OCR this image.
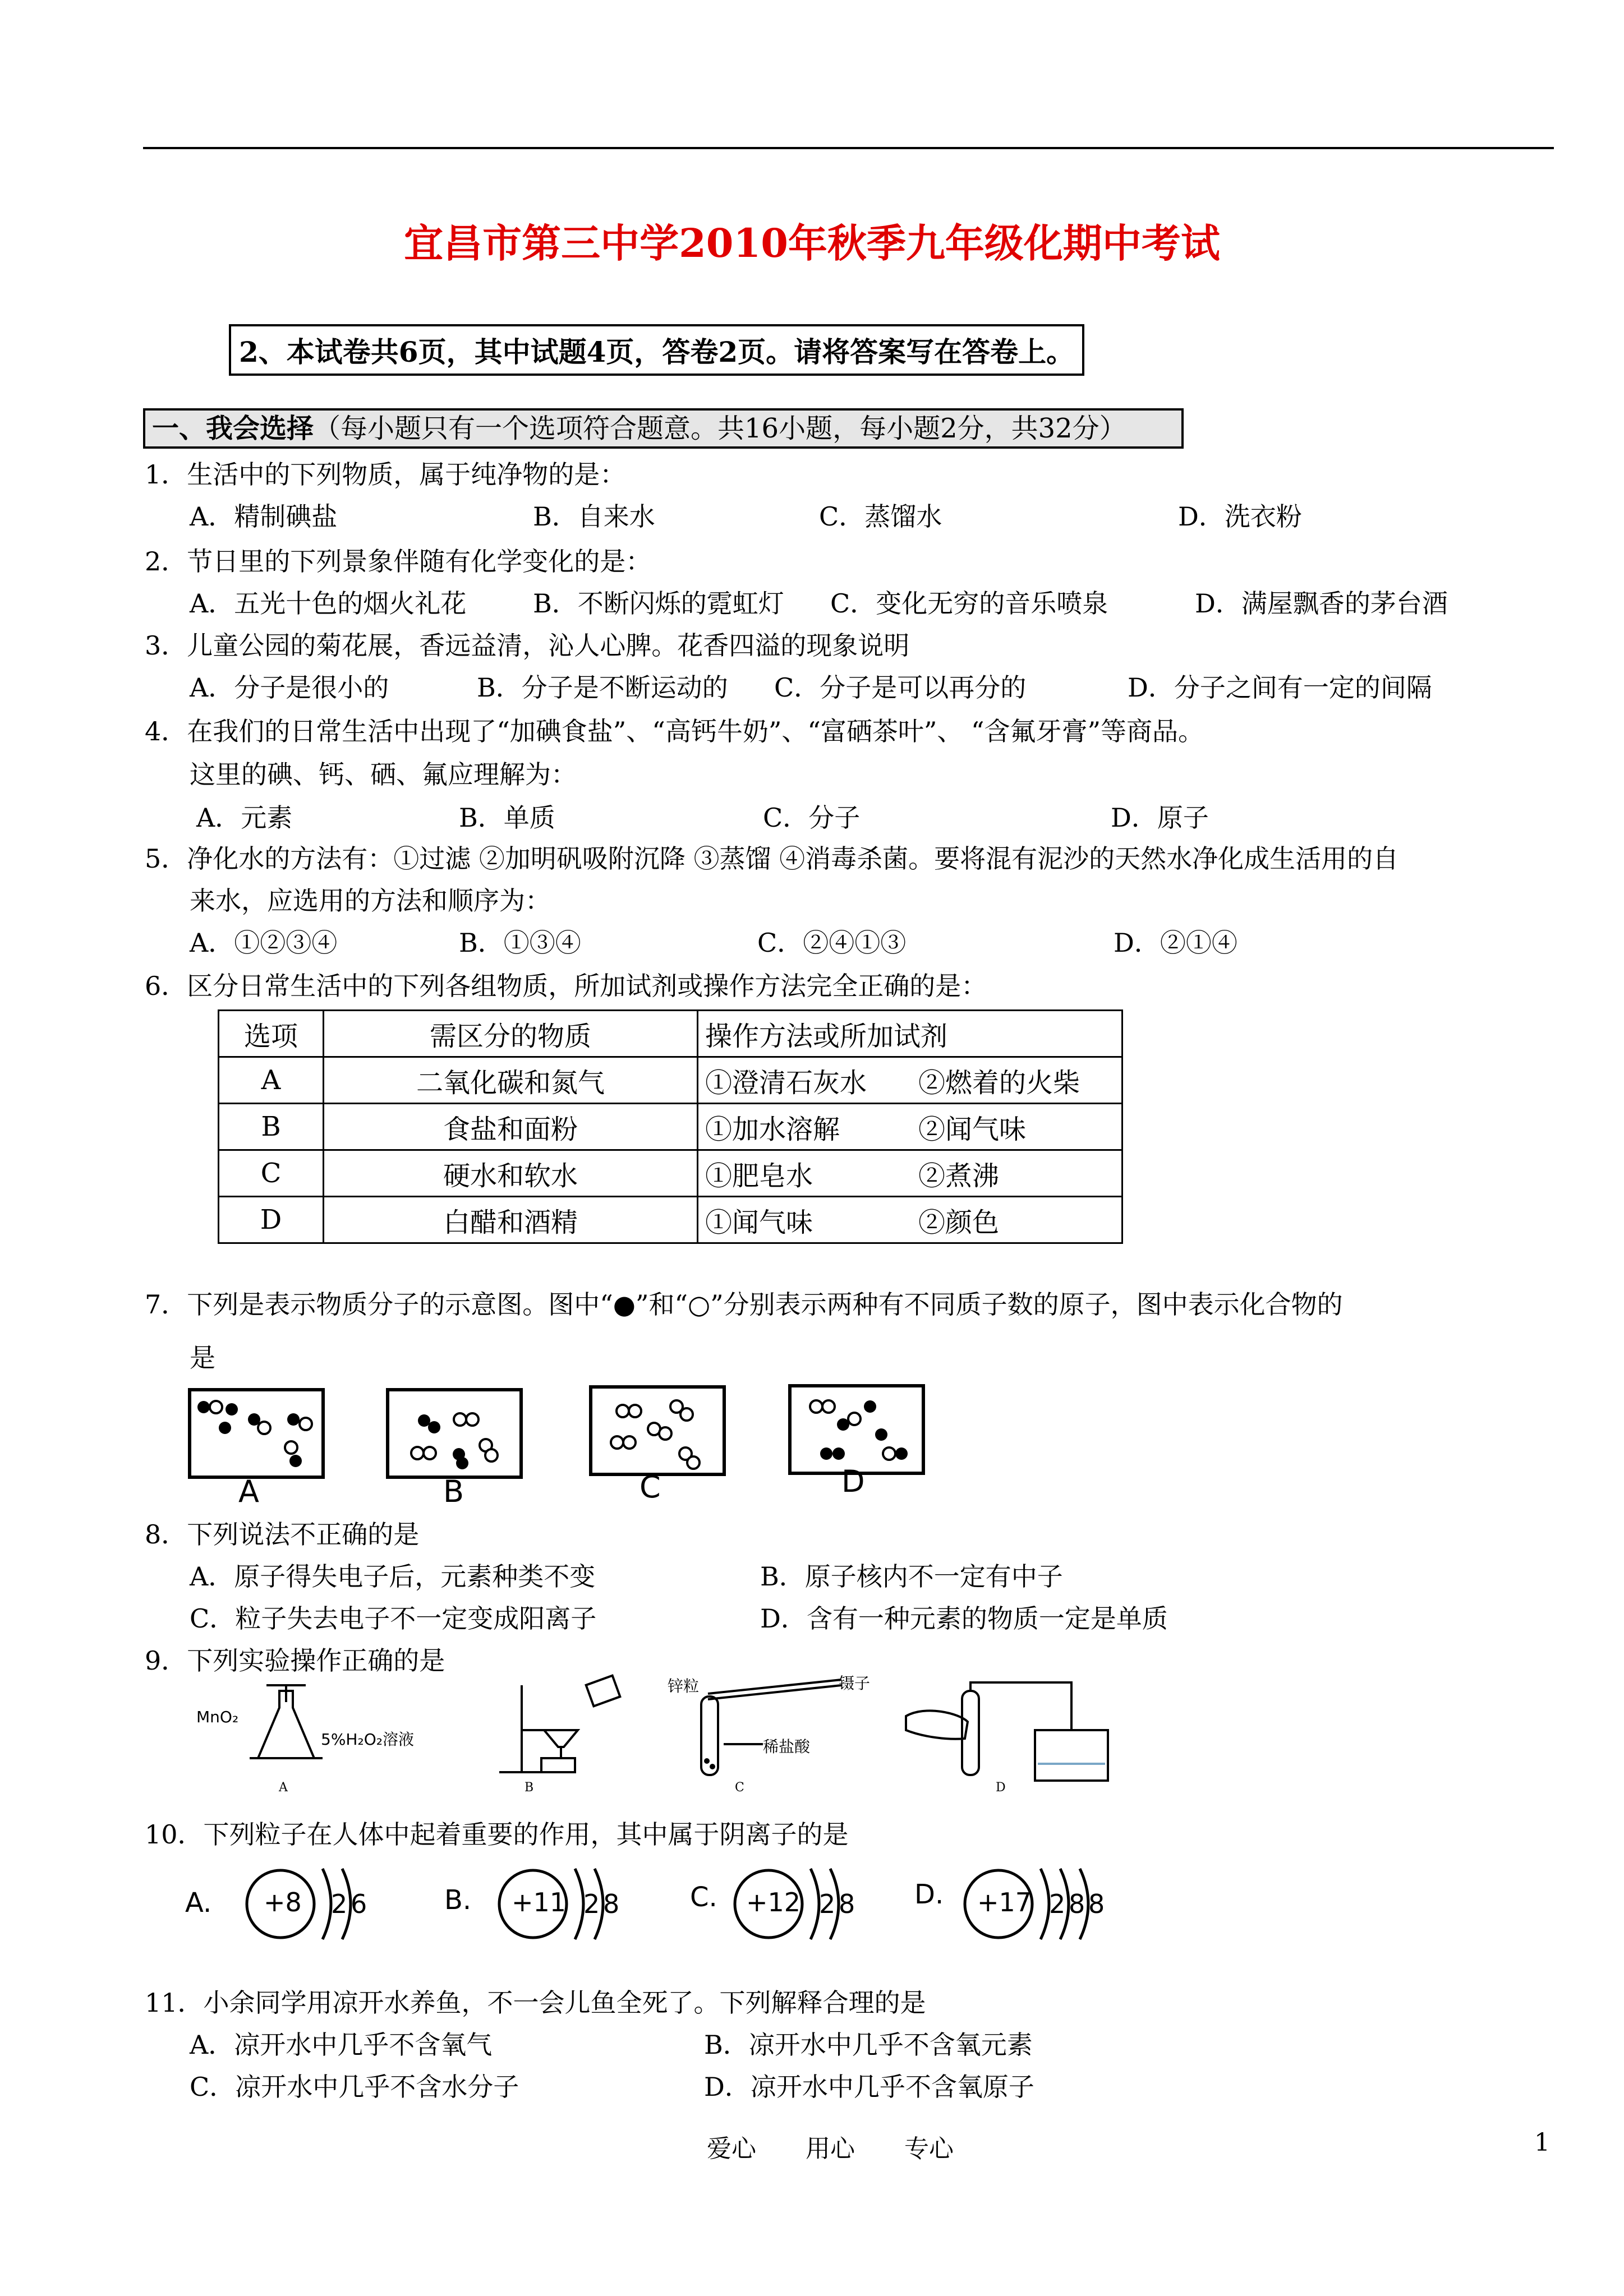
宜昌市第三中学2010年秋季九年级化期中考试
2、本试卷共6页，其中试题4页，答卷2页。请将答案写在答卷上。
一、我会选择（每小题只有一个选项符合题意。共16小题，每小题2分，共32分）
1．生活中的下列物质，属于纯净物的是：
A．精制碘盐	B．自来水	C．蒸馏水	D．洗衣粉
2．节日里的下列景象伴随有化学变化的是：
A．五光十色的烟火礼花	B．不断闪烁的霓虹灯 C．变化无穷的音乐喷泉	D．满屋飘香的茅台酒
3．儿童公园的菊花展，香远益清，沁人心脾。花香四溢的现象说明
A．分子是很小的	B．分子是不断运动的 C．分子是可以再分的	D．分子之间有一定的间隔
4．在我们的日常生活中出现了“加碘食盐”、“高钙牛奶”、“富硒茶叶”、 “含氟牙膏”等商品。
这里的碘、钙、硒、氟应理解为：
A．元素	B．单质	C．分子	D．原子
5．净化水的方法有：①过滤 ②加明矾吸附沉降 ③蒸馏 ④消毒杀菌。要将混有泥沙的天然水净化成生活用的自
来水，应选用的方法和顺序为：
A．①②③④	B．①③④	C．②④①③	D．②①④
6．区分日常生活中的下列各组物质，所加试剂或操作方法完全正确的是：
选项	需区分的物质	操作方法或所加试剂
A	二氧化碳和氮气	①澄清石灰水 ②燃着的火柴
B	食盐和面粉	①加水溶解 ②闻气味
C	硬水和软水	①肥皂水 ②煮沸
D	白醋和酒精	①闻气味 ②颜色
7．下列是表示物质分子的示意图。图中“●”和“○”分别表示两种有不同质子数的原子，图中表示化合物的
是
A	B	C	D
8．下列说法不正确的是
A．原子得失电子后，元素种类不变	B．原子核内不一定有中子
C．粒子失去电子不一定变成阳离子	D．含有一种元素的物质一定是单质
9．下列实验操作正确的是
MnO₂
5%H₂O₂溶液
锌粒	镊子
稀盐酸
A	B	C	D
10．下列粒子在人体中起着重要的作用，其中属于阴离子的是
A. +8 2 6	B. +11 2 8	C. +12 2 8 D. +17 2 8 8
11．小余同学用凉开水养鱼，不一会儿鱼全死了。下列解释合理的是
A．凉开水中几乎不含氧气	B．凉开水中几乎不含氧元素
C．凉开水中几乎不含水分子	D．凉开水中几乎不含氧原子
爱心　　用心　　专心	1
